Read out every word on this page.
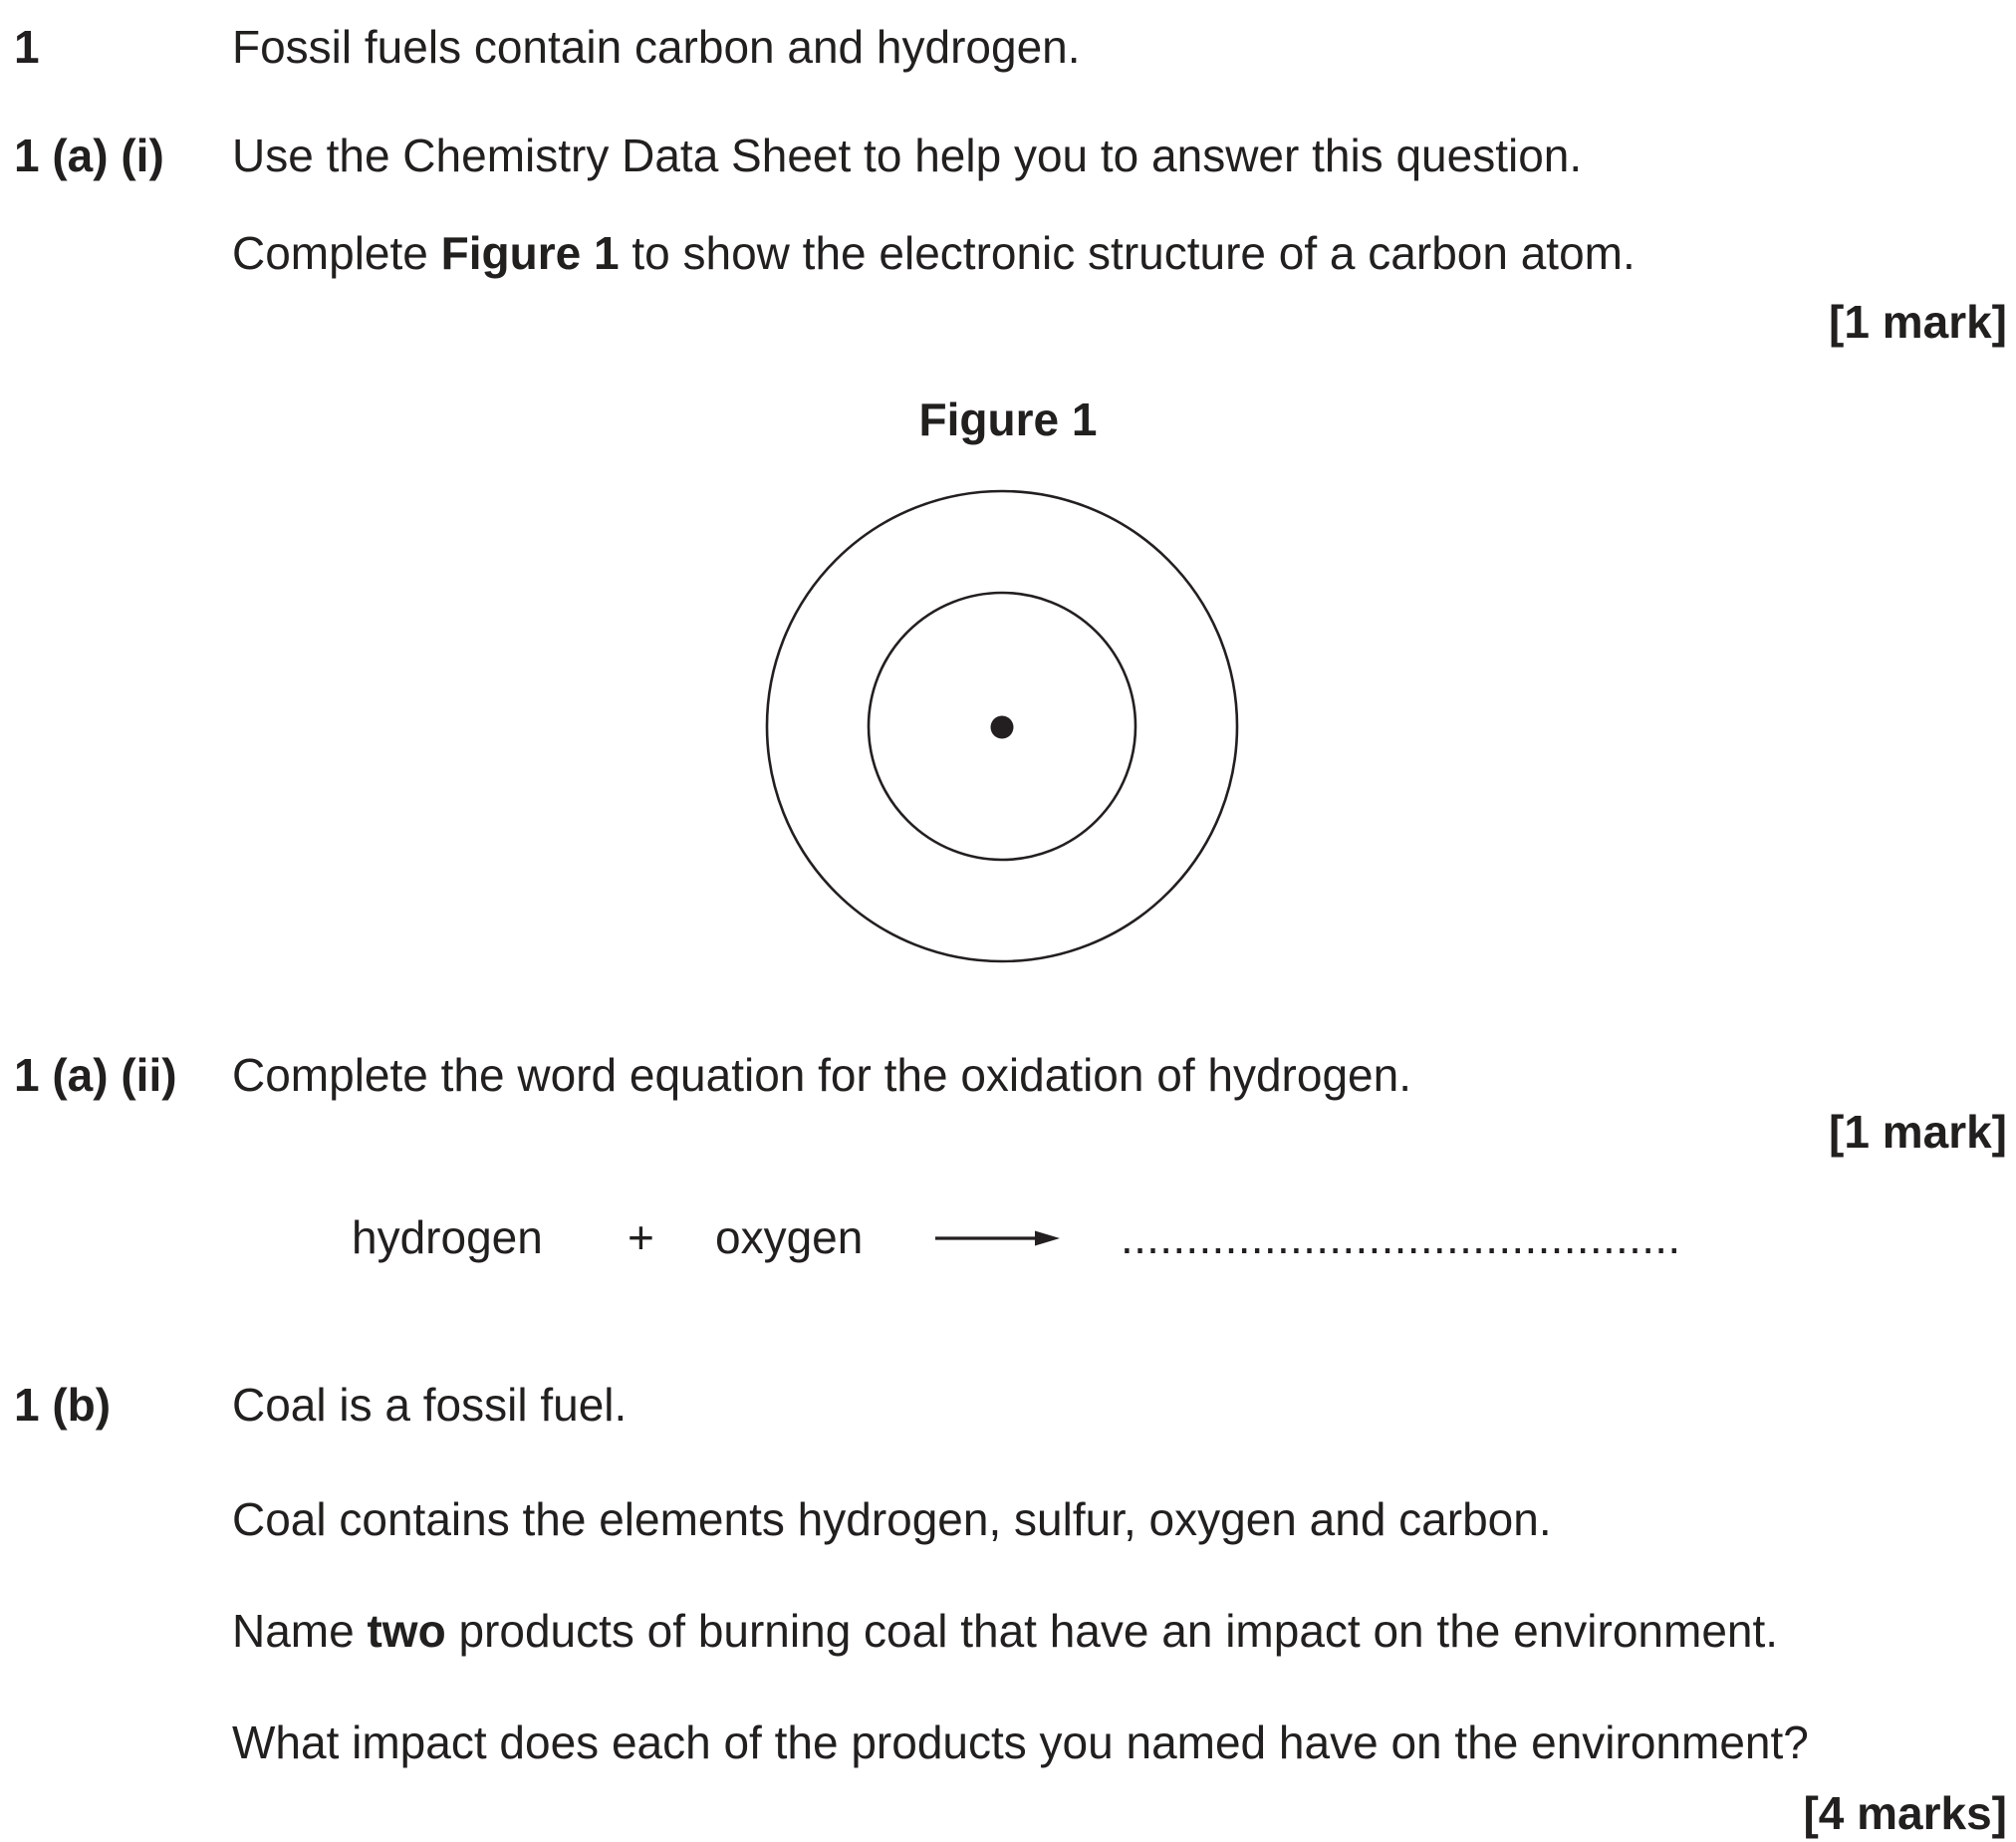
1	Fossil fuels contain carbon and hydrogen.
1 (a) (i) Use the Chemistry Data Sheet to help you to answer this question.
Complete Figure 1 to show the electronic structure of a carbon atom.
[1 mark]
Figure 1
1 (a) (ii) Complete the word equation for the oxidation of hydrogen.
[1 mark]
hydrogen + oxygen	...........................................
1 (b)	Coal is a fossil fuel.
Coal contains the elements hydrogen, sulfur, oxygen and carbon.
Name two products of burning coal that have an impact on the environment.
What impact does each of the products you named have on the environment?
[4 marks]
